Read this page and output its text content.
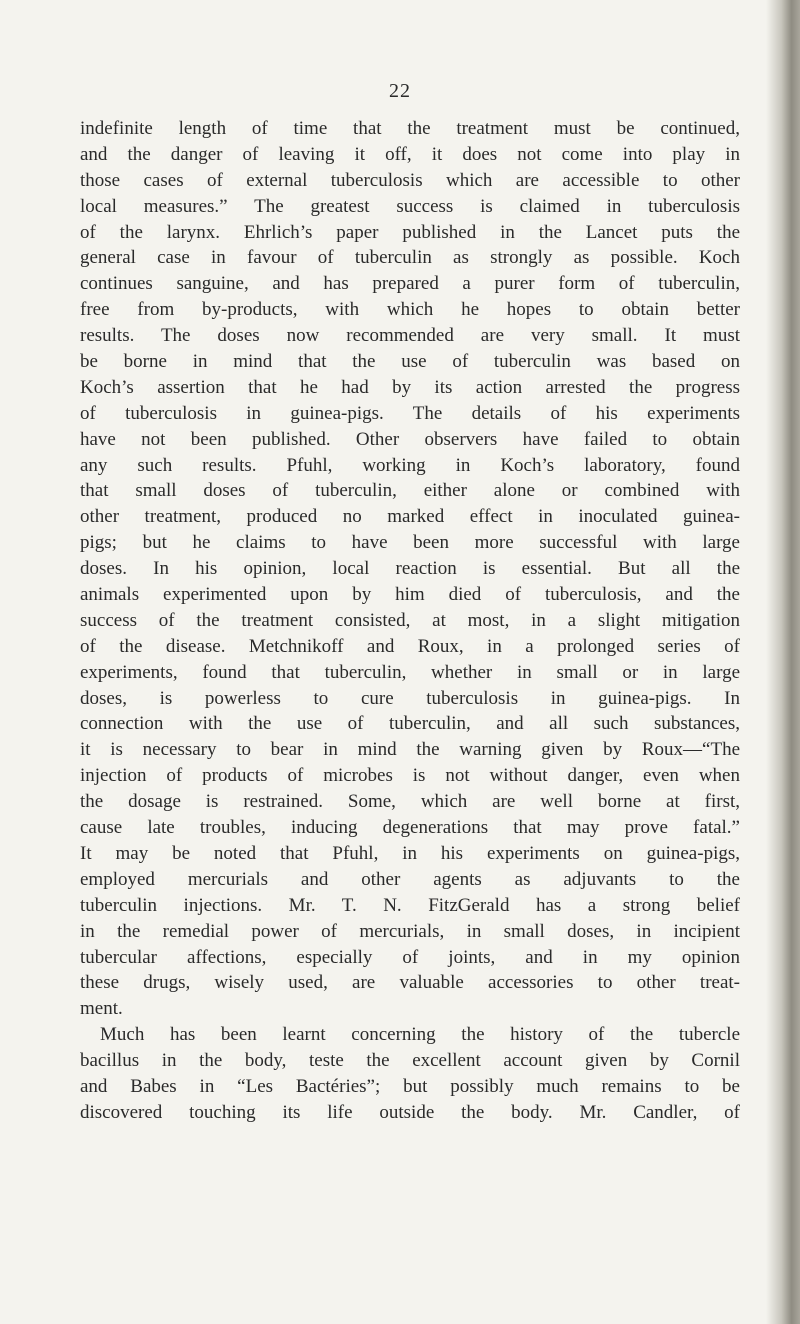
22
indefinite length of time that the treatment must be continued,
and the danger of leaving it off, it does not come into play in
those cases of external tuberculosis which are accessible to other
local measures.” The greatest success is claimed in tuberculosis
of the larynx. Ehrlich’s paper published in the Lancet puts the
general case in favour of tuberculin as strongly as possible. Koch
continues sanguine, and has prepared a purer form of tuberculin,
free from by-products, with which he hopes to obtain better
results. The doses now recommended are very small. It must
be borne in mind that the use of tuberculin was based on
Koch’s assertion that he had by its action arrested the progress
of tuberculosis in guinea-pigs. The details of his experiments
have not been published. Other observers have failed to obtain
any such results. Pfuhl, working in Koch’s laboratory, found
that small doses of tuberculin, either alone or combined with
other treatment, produced no marked effect in inoculated guinea-
pigs; but he claims to have been more successful with large
doses. In his opinion, local reaction is essential. But all the
animals experimented upon by him died of tuberculosis, and the
success of the treatment consisted, at most, in a slight mitigation
of the disease. Metchnikoff and Roux, in a prolonged series of
experiments, found that tuberculin, whether in small or in large
doses, is powerless to cure tuberculosis in guinea-pigs. In
connection with the use of tuberculin, and all such substances,
it is necessary to bear in mind the warning given by Roux—“The
injection of products of microbes is not without danger, even when
the dosage is restrained. Some, which are well borne at first,
cause late troubles, inducing degenerations that may prove fatal.”
It may be noted that Pfuhl, in his experiments on guinea-pigs,
employed mercurials and other agents as adjuvants to the
tuberculin injections. Mr. T. N. FitzGerald has a strong belief
in the remedial power of mercurials, in small doses, in incipient
tubercular affections, especially of joints, and in my opinion
these drugs, wisely used, are valuable accessories to other treat-
ment.
Much has been learnt concerning the history of the tubercle
bacillus in the body, teste the excellent account given by Cornil
and Babes in “Les Bactéries”; but possibly much remains to be
discovered touching its life outside the body. Mr. Candler, of
